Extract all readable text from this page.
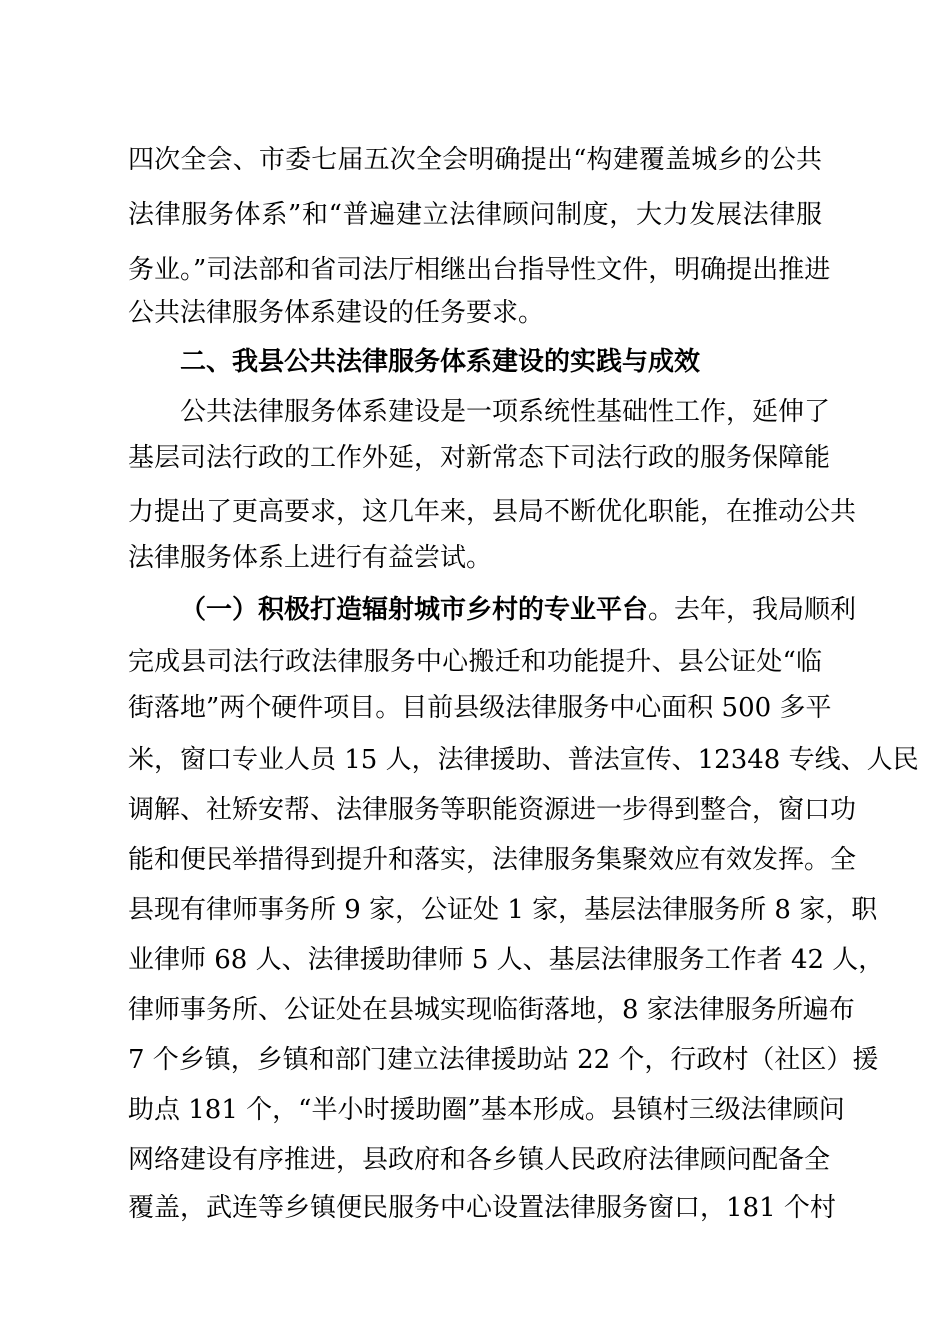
四次全会、市委七届五次全会明确提出“构建覆盖城乡的公共
法律服务体系”和“普遍建立法律顾问制度，大力发展法律服
务业。”司法部和省司法厅相继出台指导性文件，明确提出推进
公共法律服务体系建设的任务要求。
二、我县公共法律服务体系建设的实践与成效
公共法律服务体系建设是一项系统性基础性工作，延伸了
基层司法行政的工作外延，对新常态下司法行政的服务保障能
力提出了更高要求，这几年来，县局不断优化职能，在推动公共
法律服务体系上进行有益尝试。
（一）积极打造辐射城市乡村的专业平台。去年，我局顺利
完成县司法行政法律服务中心搬迁和功能提升、县公证处“临
街落地”两个硬件项目。目前县级法律服务中心面积 500 多平
米，窗口专业人员 15 人，法律援助、普法宣传、12348 专线、人民
调解、社矫安帮、法律服务等职能资源进一步得到整合，窗口功
能和便民举措得到提升和落实，法律服务集聚效应有效发挥。全
县现有律师事务所 9 家，公证处 1 家，基层法律服务所 8 家，职
业律师 68 人、法律援助律师 5 人、基层法律服务工作者 42 人，
律师事务所、公证处在县城实现临街落地，8 家法律服务所遍布
7 个乡镇，乡镇和部门建立法律援助站 22 个，行政村（社区）援
助点 181 个，“半小时援助圈”基本形成。县镇村三级法律顾问
网络建设有序推进，县政府和各乡镇人民政府法律顾问配备全
覆盖，武连等乡镇便民服务中心设置法律服务窗口，181 个村
